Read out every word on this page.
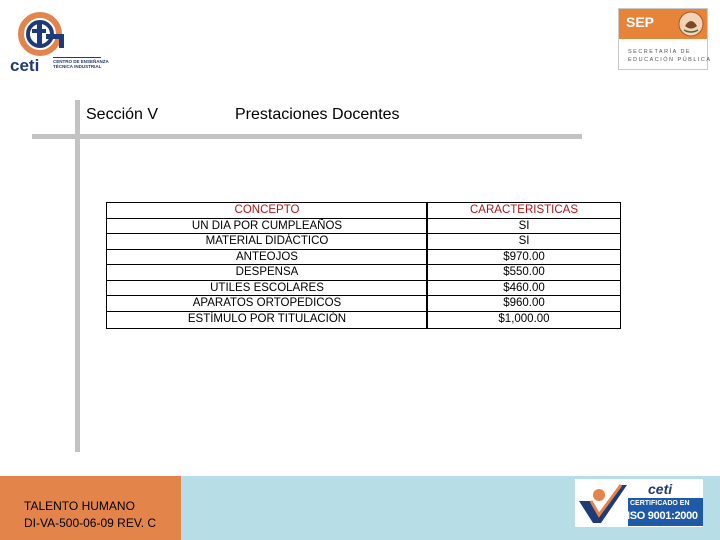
ceti	CENTRO DE ENSEÑANZA
TÉCNICA INDUSTRIAL
SEP
SECRETARÍA DE
EDUCACIÓN PÚBLICA
Sección V	Prestaciones Docentes
CONCEPTO
UN DIA POR CUMPLEAÑOS
MATERIAL DIDÁCTICO
ANTEOJOS
DESPENSA
UTILES ESCOLARES
APARATOS ORTOPEDICOS
ESTÍMULO POR TITULACIÓN
CARACTERISTICAS
SI
SI
$970.00
$550.00
$460.00
$960.00
$1,000.00
TALENTO HUMANO
DI-VA-500-06-09 REV. C
ceti
CERTIFICADO EN
ISO 9001:2000
